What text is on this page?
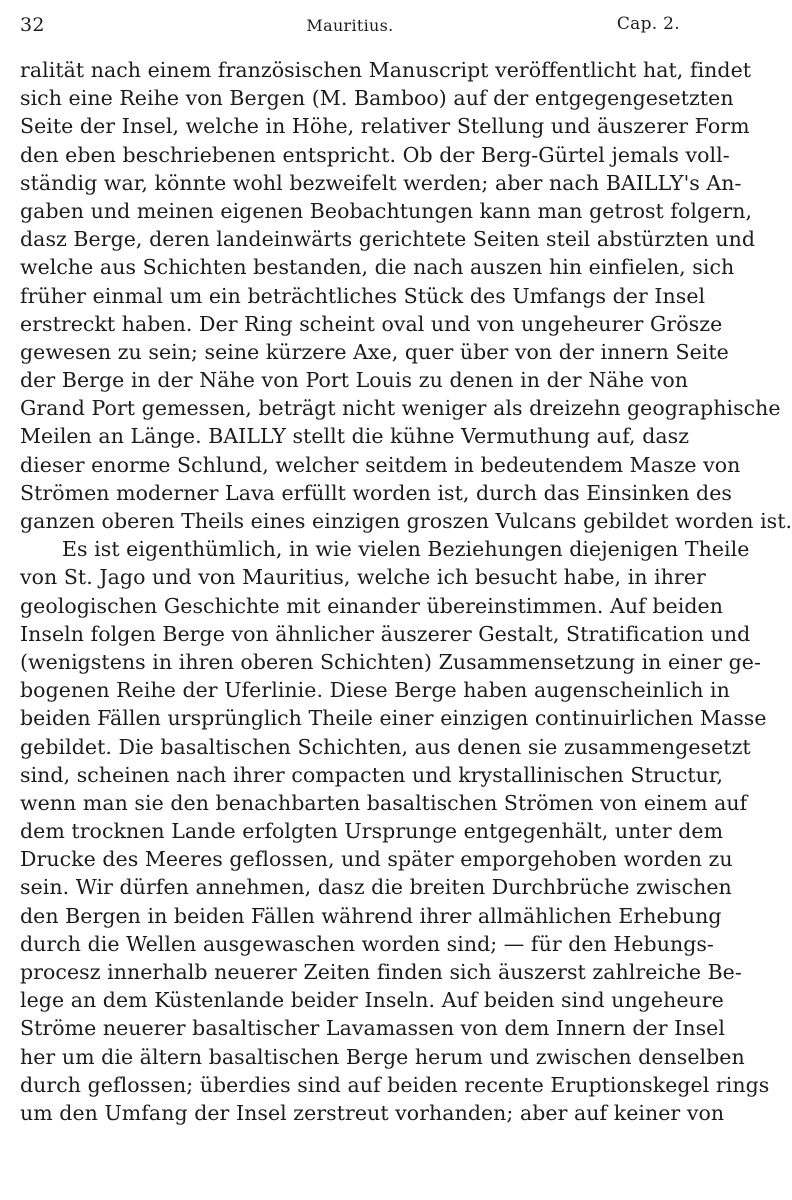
32	Mauritius.	Cap. 2.
ralität nach einem französischen Manuscript veröffentlicht hat, findet
sich eine Reihe von Bergen (M. Bamboo) auf der entgegengesetzten
Seite der Insel, welche in Höhe, relativer Stellung und äuszerer Form
den eben beschriebenen entspricht. Ob der Berg-Gürtel jemals voll-
ständig war, könnte wohl bezweifelt werden; aber nach BAILLY's An-
gaben und meinen eigenen Beobachtungen kann man getrost folgern,
dasz Berge, deren landeinwärts gerichtete Seiten steil abstürzten und
welche aus Schichten bestanden, die nach auszen hin einfielen, sich
früher einmal um ein beträchtliches Stück des Umfangs der Insel
erstreckt haben. Der Ring scheint oval und von ungeheurer Grösze
gewesen zu sein; seine kürzere Axe, quer über von der innern Seite
der Berge in der Nähe von Port Louis zu denen in der Nähe von
Grand Port gemessen, beträgt nicht weniger als dreizehn geographische
Meilen an Länge. BAILLY stellt die kühne Vermuthung auf, dasz
dieser enorme Schlund, welcher seitdem in bedeutendem Masze von
Strömen moderner Lava erfüllt worden ist, durch das Einsinken des
ganzen oberen Theils eines einzigen groszen Vulcans gebildet worden ist.
Es ist eigenthümlich, in wie vielen Beziehungen diejenigen Theile
von St. Jago und von Mauritius, welche ich besucht habe, in ihrer
geologischen Geschichte mit einander übereinstimmen. Auf beiden
Inseln folgen Berge von ähnlicher äuszerer Gestalt, Stratification und
(wenigstens in ihren oberen Schichten) Zusammensetzung in einer ge-
bogenen Reihe der Uferlinie. Diese Berge haben augenscheinlich in
beiden Fällen ursprünglich Theile einer einzigen continuirlichen Masse
gebildet. Die basaltischen Schichten, aus denen sie zusammengesetzt
sind, scheinen nach ihrer compacten und krystallinischen Structur,
wenn man sie den benachbarten basaltischen Strömen von einem auf
dem trocknen Lande erfolgten Ursprunge entgegenhält, unter dem
Drucke des Meeres geflossen, und später emporgehoben worden zu
sein. Wir dürfen annehmen, dasz die breiten Durchbrüche zwischen
den Bergen in beiden Fällen während ihrer allmählichen Erhebung
durch die Wellen ausgewaschen worden sind; — für den Hebungs-
procesz innerhalb neuerer Zeiten finden sich äuszerst zahlreiche Be-
lege an dem Küstenlande beider Inseln. Auf beiden sind ungeheure
Ströme neuerer basaltischer Lavamassen von dem Innern der Insel
her um die ältern basaltischen Berge herum und zwischen denselben
durch geflossen; überdies sind auf beiden recente Eruptionskegel rings
um den Umfang der Insel zerstreut vorhanden; aber auf keiner von
